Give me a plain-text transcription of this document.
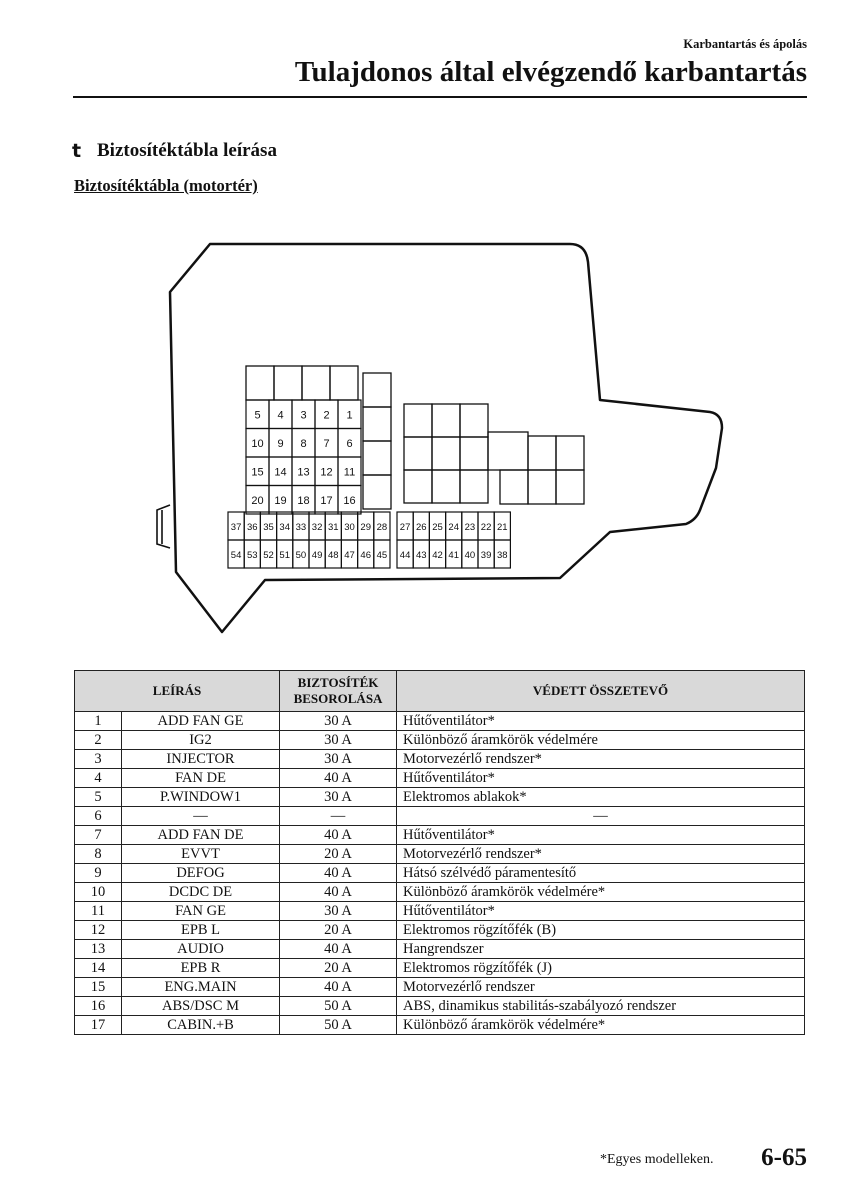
Karbantartás és ápolás
Tulajdonos által elvégzendő karbantartás
t Biztosítéktábla leírása
Biztosítéktábla (motortér)
5 4 3 2 1
10 9 8 7 6
15 14 13 12 11
20 19 18 17 16
37 36 35 34 33 32 31 30 29 28
54 53 52 51 50 49 48 47 46 45
27 26 25 24 23 22 21
44 43 42 41 40 39 38
LEÍRÁS		BIZTOSÍTÉK
BESOROLÁSA	VÉDETT ÖSSZETEVŐ
1	ADD FAN GE	30 A	Hűtőventilátor*
2	IG2	30 A	Különböző áramkörök védelmére
3	INJECTOR	30 A	Motorvezérlő rendszer*
4	FAN DE	40 A	Hűtőventilátor*
5	P.WINDOW1	30 A	Elektromos ablakok*
6	—	—	—
7	ADD FAN DE	40 A	Hűtőventilátor*
8	EVVT	20 A	Motorvezérlő rendszer*
9	DEFOG	40 A	Hátsó szélvédő páramentesítő
10	DCDC DE	40 A	Különböző áramkörök védelmére*
11	FAN GE	30 A	Hűtőventilátor*
12	EPB L	20 A	Elektromos rögzítőfék (B)
13	AUDIO	40 A	Hangrendszer
14	EPB R	20 A	Elektromos rögzítőfék (J)
15	ENG.MAIN	40 A	Motorvezérlő rendszer
16	ABS/DSC M	50 A	ABS, dinamikus stabilitás-szabályozó rendszer
17	CABIN.+B	50 A	Különböző áramkörök védelmére*
*Egyes modelleken. 6-65
